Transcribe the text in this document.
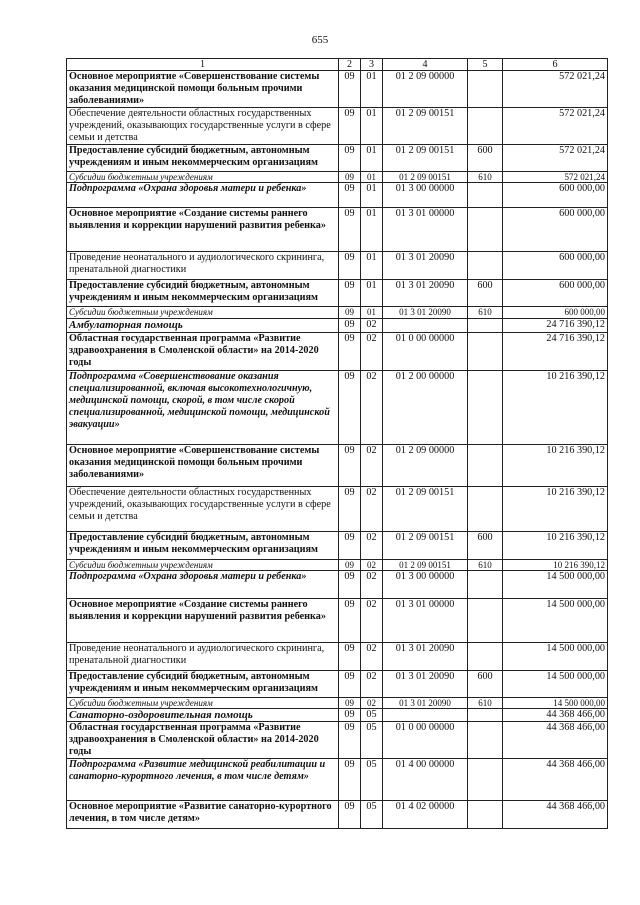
655
1	2	3	4	5	6
Основное мероприятие «Совершенствование системы оказания медицинской помощи больным прочими заболеваниями»	09	01	01 2 09 00000		572 021,24
Обеспечение деятельности областных государственных учреждений, оказывающих государственные услуги в сфере семьи и детства	09	01	01 2 09 00151		572 021,24
Предоставление субсидий бюджетным, автономным учреждениям и иным некоммерческим организациям	09	01	01 2 09 00151	600	572 021,24
Субсидии бюджетным учреждениям	09	01	01 2 09 00151	610	572 021,24
Подпрограмма «Охрана здоровья матери и ребенка»	09	01	01 3 00 00000		600 000,00
Основное мероприятие «Создание системы раннего выявления и коррекции нарушений развития ребенка»	09	01	01 3 01 00000		600 000,00
Проведение неонатального и аудиологического скрининга, пренатальной диагностики	09	01	01 3 01 20090		600 000,00
Предоставление субсидий бюджетным, автономным учреждениям и иным некоммерческим организациям	09	01	01 3 01 20090	600	600 000,00
Субсидии бюджетным учреждениям	09	01	01 3 01 20090	610	600 000,00
Амбулаторная помощь	09	02			24 716 390,12
Областная государственная программа «Развитие здравоохранения в Смоленской области» на 2014-2020 годы	09	02	01 0 00 00000		24 716 390,12
Подпрограмма «Совершенствование оказания специализированной, включая высокотехнологичную, медицинской помощи, скорой, в том числе скорой специализированной, медицинской помощи, медицинской эвакуации»	09	02	01 2 00 00000		10 216 390,12
Основное мероприятие «Совершенствование системы оказания медицинской помощи больным прочими заболеваниями»	09	02	01 2 09 00000		10 216 390,12
Обеспечение деятельности областных государственных учреждений, оказывающих государственные услуги в сфере семьи и детства	09	02	01 2 09 00151		10 216 390,12
Предоставление субсидий бюджетным, автономным учреждениям и иным некоммерческим организациям	09	02	01 2 09 00151	600	10 216 390,12
Субсидии бюджетным учреждениям	09	02	01 2 09 00151	610	10 216 390,12
Подпрограмма «Охрана здоровья матери и ребенка»	09	02	01 3 00 00000		14 500 000,00
Основное мероприятие «Создание системы раннего выявления и коррекции нарушений развития ребенка»	09	02	01 3 01 00000		14 500 000,00
Проведение неонатального и аудиологического скрининга, пренатальной диагностики	09	02	01 3 01 20090		14 500 000,00
Предоставление субсидий бюджетным, автономным учреждениям и иным некоммерческим организациям	09	02	01 3 01 20090	600	14 500 000,00
Субсидии бюджетным учреждениям	09	02	01 3 01 20090	610	14 500 000,00
Санаторно-оздоровительная помощь	09	05			44 368 466,00
Областная государственная программа «Развитие здравоохранения в Смоленской области» на 2014-2020 годы	09	05	01 0 00 00000		44 368 466,00
Подпрограмма «Развитие медицинской реабилитации и санаторно-курортного лечения, в том числе детям»	09	05	01 4 00 00000		44 368 466,00
Основное мероприятие «Развитие санаторно-курортного лечения, в том числе детям»	09	05	01 4 02 00000		44 368 466,00
